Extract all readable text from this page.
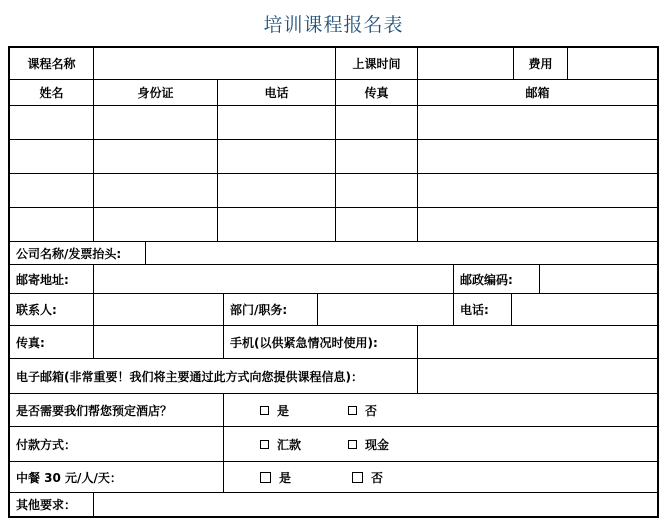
培训课程报名表
课程名称	上课时间	费用
姓名	身份证	电话	传真	邮箱
公司名称/发票抬头:
邮寄地址:	邮政编码:
联系人:	部门/职务:	电话:
传真:	手机(以供紧急情况时使用):
电子邮箱(非常重要！我们将主要通过此方式向您提供课程信息)：
是否需要我们帮您预定酒店？	是	否
付款方式：	汇款	现金
中餐 30 元/人/天：	是	否
其他要求：
